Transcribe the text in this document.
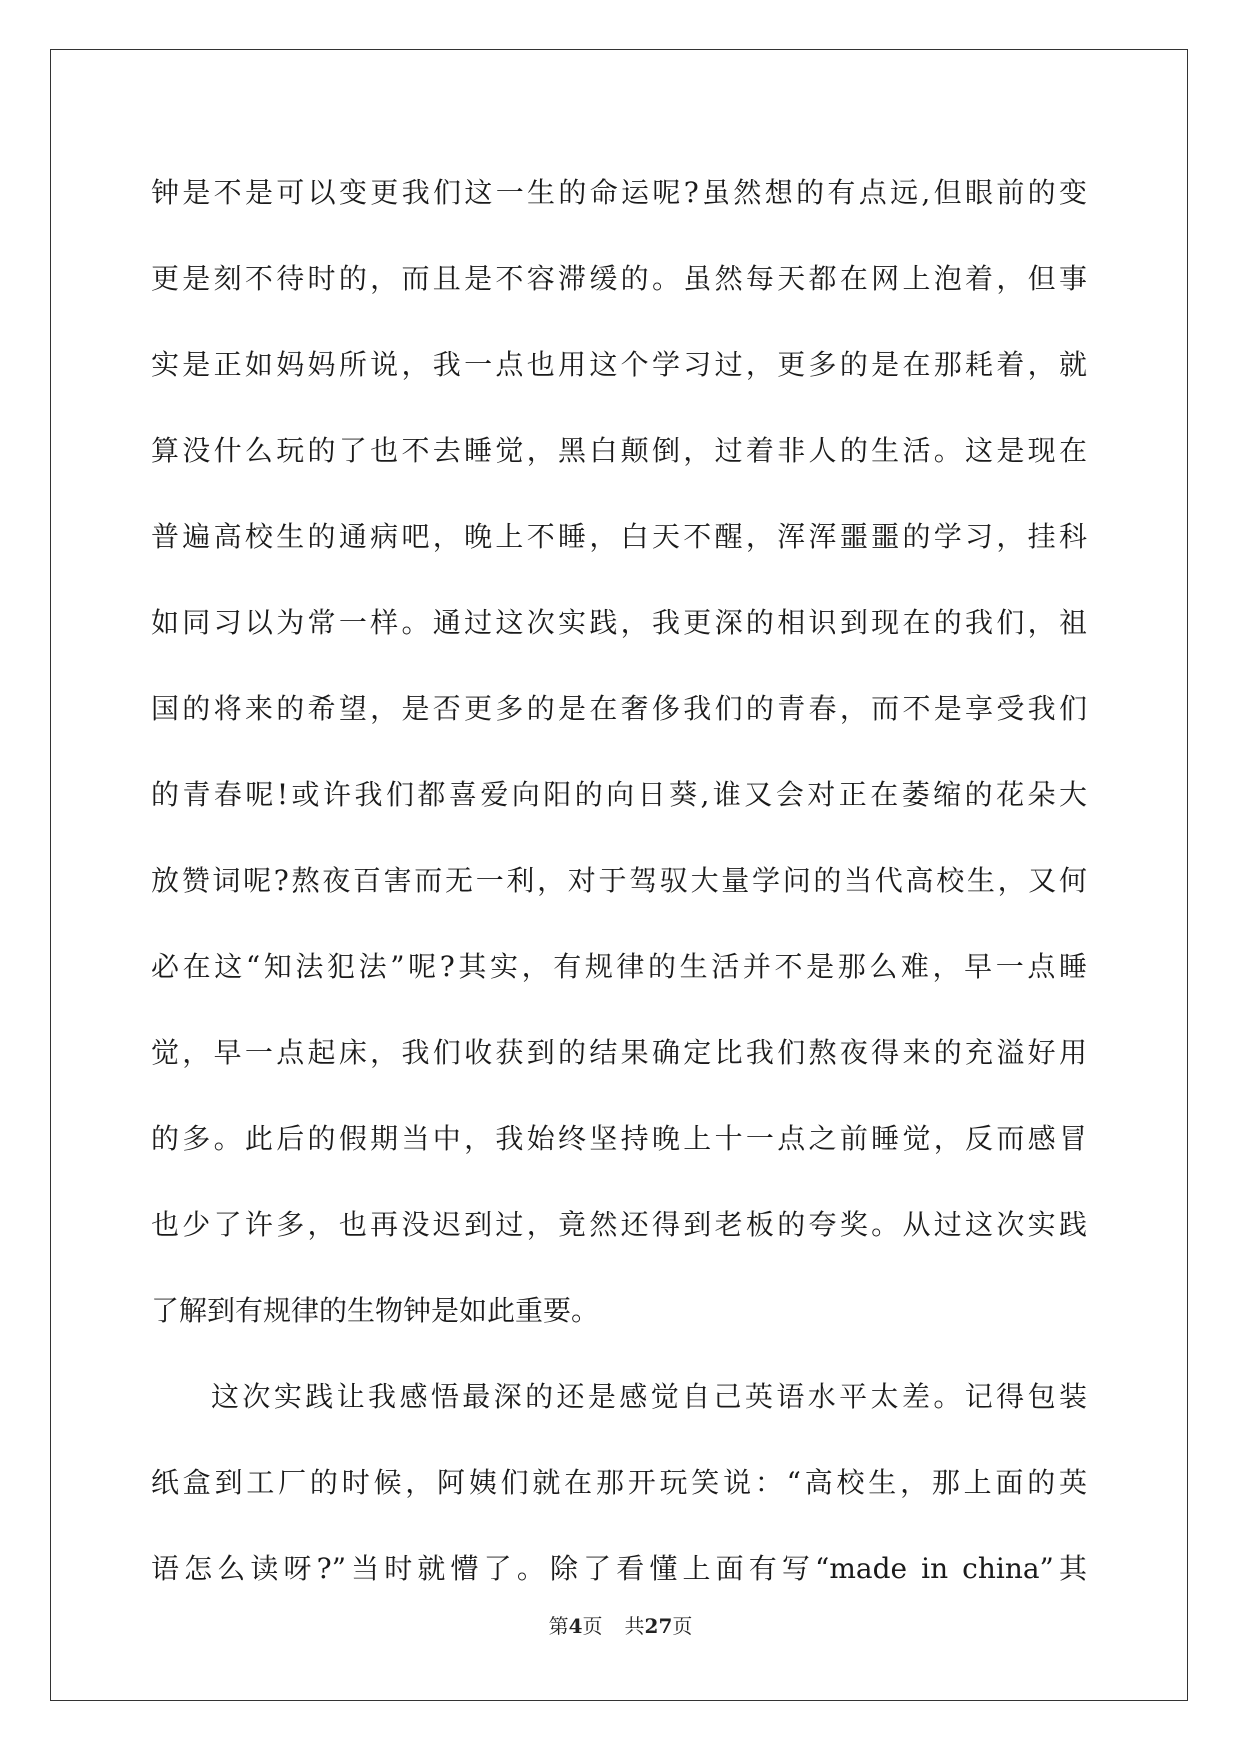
钟是不是可以变更我们这一生的命运呢?虽然想的有点远,但眼前的变
更是刻不待时的，而且是不容滞缓的。虽然每天都在网上泡着，但事
实是正如妈妈所说，我一点也用这个学习过，更多的是在那耗着，就
算没什么玩的了也不去睡觉，黑白颠倒，过着非人的生活。这是现在
普遍高校生的通病吧，晚上不睡，白天不醒，浑浑噩噩的学习，挂科
如同习以为常一样。通过这次实践，我更深的相识到现在的我们，祖
国的将来的希望，是否更多的是在奢侈我们的青春，而不是享受我们
的青春呢!或许我们都喜爱向阳的向日葵,谁又会对正在萎缩的花朵大
放赞词呢?熬夜百害而无一利，对于驾驭大量学问的当代高校生，又何
必在这“知法犯法”呢?其实，有规律的生活并不是那么难，早一点睡
觉，早一点起床，我们收获到的结果确定比我们熬夜得来的充溢好用
的多。此后的假期当中，我始终坚持晚上十一点之前睡觉，反而感冒
也少了许多，也再没迟到过，竟然还得到老板的夸奖。从过这次实践
了解到有规律的生物钟是如此重要。
这次实践让我感悟最深的还是感觉自己英语水平太差。记得包装
纸盒到工厂的时候，阿姨们就在那开玩笑说：“高校生，那上面的英
语怎么读呀?”当时就懵了。除了看懂上面有写“made in china”其
第4页 共27页
